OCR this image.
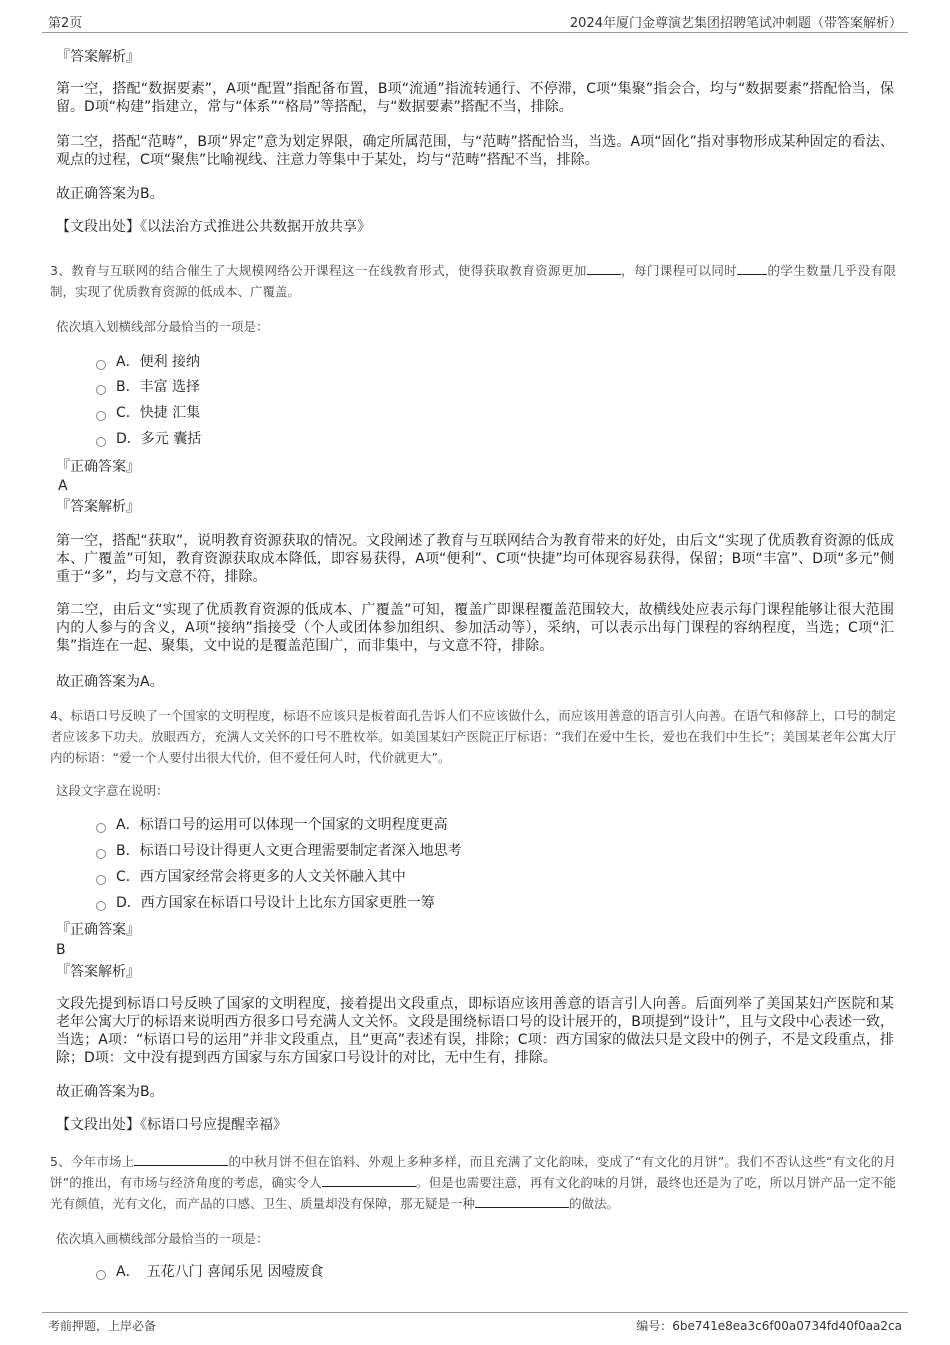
第2页	2024年厦门金尊演艺集团招聘笔试冲刺题（带答案解析）
『答案解析』
第一空，搭配“数据要素”，A项“配置”指配备布置，B项“流通”指流转通行、不停滞，C项“集聚”指会合，均与“数据要素”搭配恰当，保留。D项“构建”指建立，常与“体系”“格局”等搭配，与“数据要素”搭配不当，排除。
第二空，搭配“范畴”，B项“界定”意为划定界限，确定所属范围，与“范畴”搭配恰当，当选。A项“固化”指对事物形成某种固定的看法、观点的过程，C项“聚焦”比喻视线、注意力等集中于某处，均与“范畴”搭配不当，排除。
故正确答案为B。
【文段出处】《以法治方式推进公共数据开放共享》
3、教育与互联网的结合催生了大规模网络公开课程这一在线教育形式，使得获取教育资源更加	，每门课程可以同时 的学生数量几乎没有限制，实现了优质教育资源的低成本、广覆盖。
依次填入划横线部分最恰当的一项是：
A．便利 接纳
B．丰富 选择
C．快捷 汇集
D．多元 囊括
『正确答案』
A
『答案解析』
第一空，搭配“获取”，说明教育资源获取的情况。文段阐述了教育与互联网结合为教育带来的好处，由后文“实现了优质教育资源的低成本、广覆盖”可知，教育资源获取成本降低，即容易获得，A项“便利”、C项“快捷”均可体现容易获得，保留；B项“丰富”、D项“多元”侧重于“多”，均与文意不符，排除。
第二空，由后文“实现了优质教育资源的低成本、广覆盖”可知，覆盖广即课程覆盖范围较大，故横线处应表示每门课程能够让很大范围内的人参与的含义，A项“接纳”指接受（个人或团体参加组织、参加活动等），采纳，可以表示出每门课程的容纳程度，当选；C项“汇集”指连在一起、聚集，文中说的是覆盖范围广，而非集中，与文意不符，排除。
故正确答案为A。
4、标语口号反映了一个国家的文明程度，标语不应该只是板着面孔告诉人们不应该做什么，而应该用善意的语言引人向善。在语气和修辞上，口号的制定者应该多下功夫。放眼西方，充满人文关怀的口号不胜枚举。如美国某妇产医院正厅标语：“我们在爱中生长，爱也在我们中生长”；美国某老年公寓大厅内的标语：“爱一个人要付出很大代价，但不爱任何人时，代价就更大”。
这段文字意在说明：
A．标语口号的运用可以体现一个国家的文明程度更高
B．标语口号设计得更人文更合理需要制定者深入地思考
C．西方国家经常会将更多的人文关怀融入其中
D．西方国家在标语口号设计上比东方国家更胜一筹
『正确答案』
B
『答案解析』
文段先提到标语口号反映了国家的文明程度，接着提出文段重点，即标语应该用善意的语言引人向善。后面列举了美国某妇产医院和某老年公寓大厅的标语来说明西方很多口号充满人文关怀。文段是围绕标语口号的设计展开的，B项提到“设计”，且与文段中心表述一致，当选；A项：“标语口号的运用”并非文段重点，且“更高”表述有误，排除；C项：西方国家的做法只是文段中的例子，不是文段重点，排除；D项：文中没有提到西方国家与东方国家口号设计的对比，无中生有，排除。
故正确答案为B。
【文段出处】《标语口号应提醒幸福》
5、今年市场上	的中秋月饼不但在馅料、外观上多种多样，而且充满了文化韵味，变成了“有文化的月饼”。我们不否认这些“有文化的月饼”的推出，有市场与经济角度的考虑，确实令人	。但是也需要注意，再有文化韵味的月饼，最终也还是为了吃，所以月饼产品一定不能光有颜值，光有文化，而产品的口感、卫生、质量却没有保障，那无疑是一种	的做法。
依次填入画横线部分最恰当的一项是：
A．　五花八门 喜闻乐见 因噎废食
考前押题，上岸必备	编号：6be741e8ea3c6f00a0734fd40f0aa2ca
